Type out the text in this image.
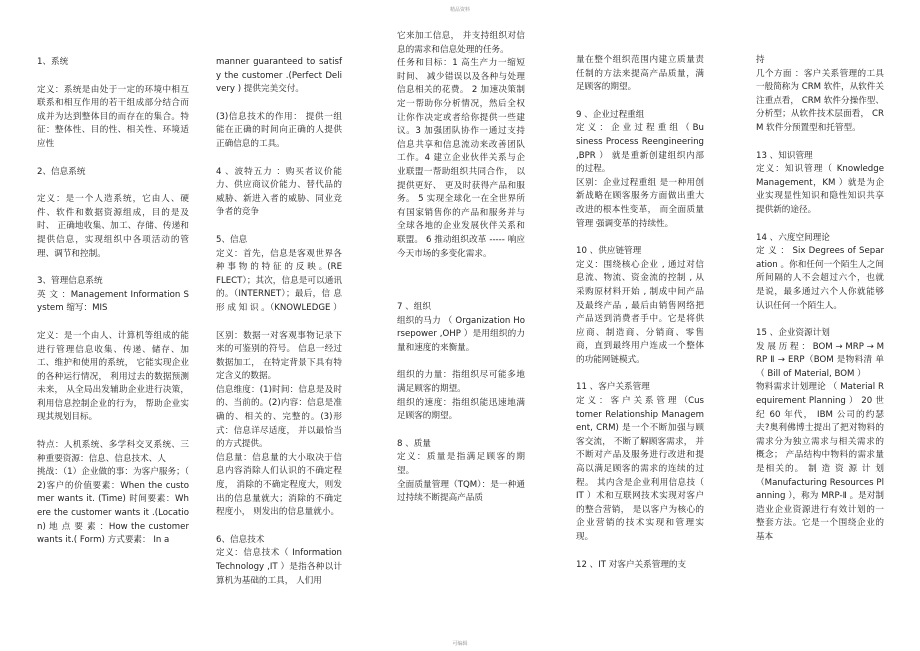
精品资料

1、系统

定义：系统是由处于一定的环境中相互联系和相互作用的若干组成部分结合而成并为达到整体目的而存在的集合。特征：整体性、目的性、相关性、环境适应性

2、信息系统

定义：是一个人造系统，它由人、硬件、软件和数据资源组成，目的是及时、 正确地收集、加工、存储、传递和提供信息，实现组织中各项活动的管理、调节和控制。

3、管理信息系统

英 文 ：Management Information System 缩写：MIS

定义：是一个由人、计算机等组成的能进行管理信息收集、传递、储存、加工、维护和使用的系统， 它能实现企业的各种运行情况， 利用过去的数据预测未来， 从全局出发辅助企业进行决策， 利用信息控制企业的行为， 帮助企业实现其规划目标。

特点：人机系统、多学科交叉系统、三种重要资源：信息、信息技术、人

挑战：（1）企业做的事：为客户服务；（ 2)客户的价值要素：When the customer wants it. (Time) 时间要素：Where the customer wants it .(Location) 地 点 要 素 ：How the customer wants it.( Form) 方式要素： In a

manner guaranteed to satisfy the customer .(Perfect Delivery ) 提供完美交付。

(3)信息技术的作用： 提供一组能在正确的时间向正确的人提供正确信息的工具。

4 、波特五力 ：购买者议价能力、供应商议价能力、替代品的威胁、新进入者的威胁、同业竞争者的竞争

5、信息

定义：首先，信息是客观世界各 种 事 物 的 特 征 的 反 映 。(REFLECT）；其次，信息是可以通讯的。（INTERNET）；最后，信 息 形 成 知 识 。（KNOWLEDGE ）

区别：数据一对客观事物记录下来的可鉴别的符号。 信息一经过数据加工， 在特定背景下具有特定含义的数据。

信息维度：(1)时间：信息是及时的、当前的。(2)内容：信息是准确的、相关的、完整的。(3)形式：信息详尽适度， 并以最恰当的方式提供。

信息量：信息量的大小取决于信息内容消除人们认识的不确定程度， 消除的不确定程度大，则发出的信息量就大；消除的不确定程度小， 则发出的信息量就小。

6、信息技术

定义：信息技术（ Information Technology ,IT ）是指各种以计算机为基础的工具， 人们用

它来加工信息， 并支持组织对信息的需求和信息处理的任务。

任务和目标：1 高生产力一缩短时间、 减少错误以及各种与处理信息相关的花费。 2 加速决策制定一帮助你分析情况，然后全权让你作决定或者给你提供一些建议。3 加强团队协作一通过支持信息共享和信息流动来改善团队工作。4 建立企业伙伴关系与企业联盟一帮助组织共同合作， 以提供更好、 更及时获得产品和服务。 5 实现全球化一在全世界所有国家销售你的产品和服务并与全球各地的企业发展伙伴关系和联盟。 6 推动组织改革 ----- 响应今天市场的多变化需求。

7 、组织

组织的马力 （ Organization Horsepower ,OHP ）是用组织的力量和速度的来衡量。

组织的力量：指组织尽可能多地满足顾客的期望。

组织的速度：指组织能迅速地满足顾客的期望。

8 、质量

定义：质量是指满足顾客的期望。

全面质量管理（TQM）：是一种通过持续不断提高产品质

量在整个组织范围内建立质量责任制的方法来提高产品质量，满足顾客的期望。

9 、企业过程重组

定 义 ： 企 业 过 程 重 组 （ Business Process Reengineering ,BPR ） 就是重新创建组织内部的过程。

区别：企业过程重组 是一种用创新战略在顾客服务方面做出重大改进的根本性变革， 而全面质量管理 强调变革的持续性。

10 、供应链管理

定义：围绕核心企业 , 通过对信息流、物流、资金流的控制 , 从采购原材料开始 , 制成中间产品及最终产品 , 最后由销售网络把产品送到消费者手中。它是将供应商、制造商、分销商、零售商，直到最终用户连成一个整体的功能网链模式。

11 、客户关系管理

定 义 ： 客 户 关 系 管 理 （Customer Relationship Management, CRM) 是一个不断加强与顾客交流， 不断了解顾客需求， 并不断对产品及服务进行改进和提高以满足顾客的需求的连续的过程。 其内含是企业利用信息技（ IT ）术和互联网技术实现对客户的整合营销， 是以客户为核心的企业营销的技术实现和管理实现。

12 、IT 对客户关系管理的支

持

几个方面 ：客户关系管理的工具一般简称为 CRM 软件，从软件关注重点看， CRM 软件分操作型、分析型；从软件技术层面看， CRM 软件分预置型和托管型。

13 、知识管理

定义：知识管理（ Knowledge Management，KM ）就是为企业实现显性知识和隐性知识共享提供新的途径。

14 、六度空间理论

定 义 ： Six Degrees of Separation 。你和任何一个陌生人之间所间隔的人不会超过六个，也就是说，最多通过六个人你就能够认识任何一个陌生人。

15 、企业资源计划

发 展 历 程 ： BOM → MRP → MRP Ⅱ → ERP（BOM 是物料清 单 （ Bill of Material, BOM ）

物料需求计划理论 （ Material Requirement Planning ） 20 世纪 60 年代， IBM 公司的约瑟夫?奥利佛博士提出了把对物料的需求分为独立需求与相关需求的概念； 产品结构中物料的需求量是相关的。 制 造 资 源 计 划 （Manufacturing Resources Planning ），称为 MRP-Ⅱ 。是对制造业企业资源进行有效计划的一整套方法。它是一个围绕企业的基本

可编辑
